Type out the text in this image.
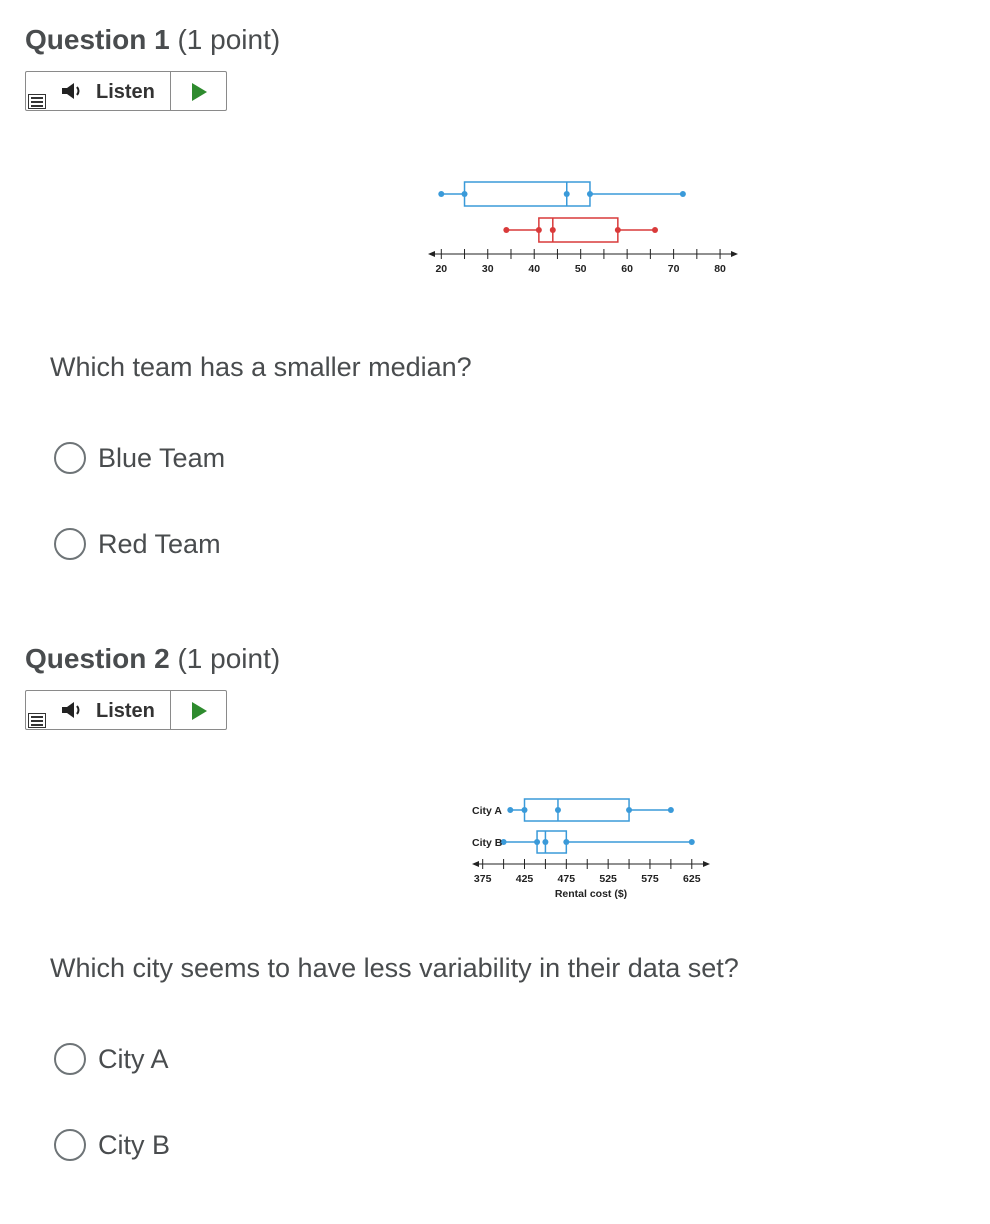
Question 1 (1 point)
Listen
20	30	40	50	60	70	80
Which team has a smaller median?
Blue Team
Red Team
Question 2 (1 point)
Listen
375 425 475 525 575 625
Rental cost ($)
City A
City B
Which city seems to have less variability in their data set?
City A
City B
